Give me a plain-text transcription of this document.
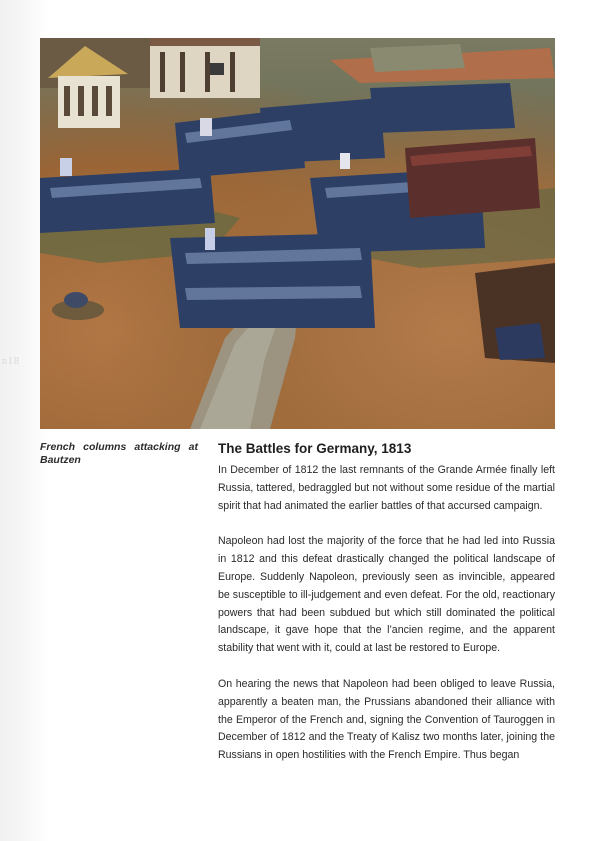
n18
French columns attacking at Bautzen
The Battles for Germany, 1813

In December of 1812 the last remnants of the Grande Armée finally left Russia, tattered, bedraggled but not without some residue of the martial spirit that had animated the earlier battles of that accursed campaign.

Napoleon had lost the majority of the force that he had led into Russia in 1812 and this defeat drastically changed the political landscape of Europe. Suddenly Napoleon, previously seen as invincible, appeared be susceptible to ill-judgement and even defeat. For the old, reactionary powers that had been subdued but which still dominated the political landscape, it gave hope that the l’ancien regime, and the apparent stability that went with it, could at last be restored to Europe.

On hearing the news that Napoleon had been obliged to leave Russia, apparently a beaten man, the Prussians abandoned their alliance with the Emperor of the French and, signing the Convention of Tauroggen in December of 1812 and the Treaty of Kalisz two months later, joining the Russians in open hostilities with the French Empire. Thus began
